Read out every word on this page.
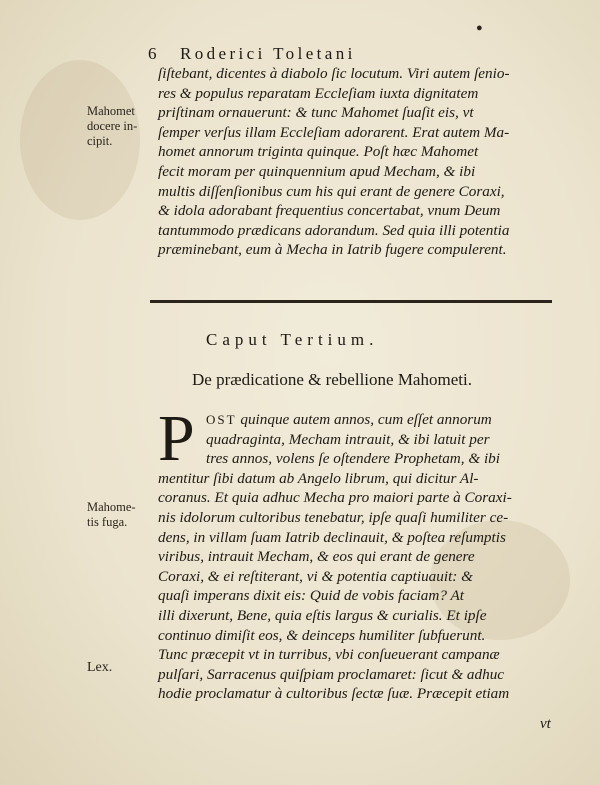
●
6 Roderici Toletani
Mahomet
docere in-
cipit.
ſiſtebant, dicentes à diabolo ſic locutum. Viri autem ſenio-
res & populus reparatam Eccleſiam iuxta dignitatem
priſtinam ornauerunt: & tunc Mahomet ſuaſit eis, vt
ſemper verſus illam Eccleſiam adorarent. Erat autem Ma-
homet annorum triginta quinque. Poſt hæc Mahomet
fecit moram per quinquennium apud Mecham, & ibi
multis diſſenſionibus cum his qui erant de genere Coraxi,
& idola adorabant frequentius concertabat, vnum Deum
tantummodo prædicans adorandum. Sed quia illi potentia
præminebant, eum à Mecha in Iatrib fugere compulerent.
Caput Tertium.
De prædicatione & rebellione Mahometi.
P OST quinque autem annos, cum eſſet annorum
quadraginta, Mecham intrauit, & ibi latuit per
tres annos, volens ſe oſtendere Prophetam, & ibi
mentitur ſibi datum ab Angelo librum, qui dicitur Al-
coranus. Et quia adhuc Mecha pro maiori parte à Coraxi-
nis idolorum cultoribus tenebatur, ipſe quaſi humiliter ce-
dens, in villam ſuam Iatrib declinauit, & poſtea reſumptis
viribus, intrauit Mecham, & eos qui erant de genere
Coraxi, & ei reſtiterant, vi & potentia captiuauit: &
quaſi imperans dixit eis: Quid de vobis faciam? At
illi dixerunt, Bene, quia eſtis largus & curialis. Et ipſe
continuo dimiſit eos, & deinceps humiliter ſubfuerunt.
Tunc præcepit vt in turribus, vbi conſueuerant campanæ
pulſari, Sarracenus quiſpiam proclamaret: ſicut & adhuc
hodie proclamatur à cultoribus ſectæ ſuæ. Præcepit etiam
Mahome-
tis fuga.
Lex.
vt
